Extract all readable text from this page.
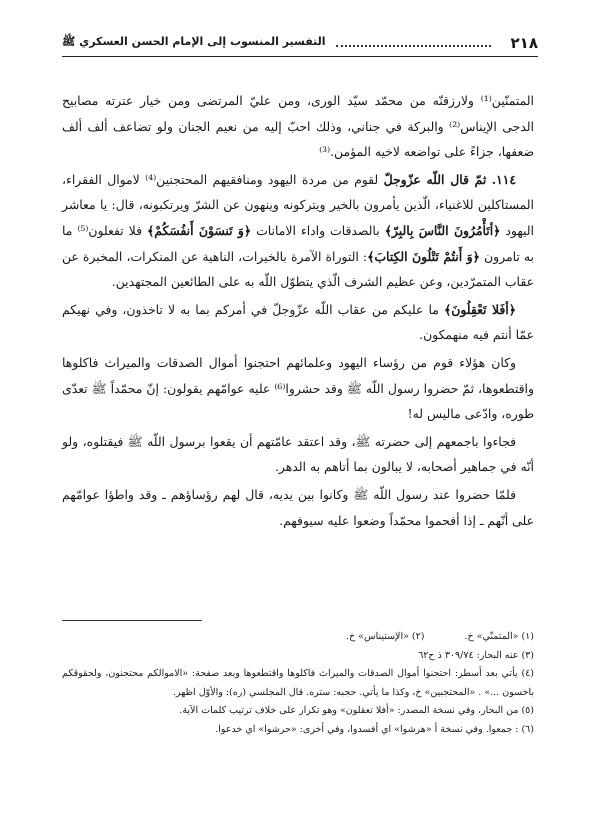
٢١٨
التفسير المنسوب إلى الإمام الحسن العسكري ﷺ

المتمنّين⁽¹⁾ ولارزقنّه من محمّد سيّد الورى، ومن عليّ المرتضى ومن خيار عترته مصابيح الدجى الإيناس⁽²⁾ والبركة في جناني، وذلك احبّ إليه من نعيم الجنان ولو تضاعف ألف ألف ضعفها، جزاءً على تواضعه لاخيه المؤمن.⁽³⁾

١١٤. ثمّ قال اللّه عزّوجلّ لقوم من مردة اليهود ومنافقيهم المحتجنين⁽⁴⁾ لاموال الفقراء، المستاكلين للاغنياء، الّذين يأمرون بالخير ويتركونه وينهون عن الشرّ ويرتكبونه، قال: يا معاشر اليهود ﴿أتَأْمُرُونَ النَّاسَ بِالبِرّ﴾ بالصدقات واداء الامانات ﴿وَ تَنسَوْنَ أَنفُسَكُمْ﴾ فلا تفعلون⁽⁵⁾ ما به تامرون ﴿وَ أَنتُمْ تَتْلُونَ الكِتابَ﴾: التوراة الآمرة بالخيرات، الناهية عن المنكرات، المخبرة عن عقاب المتمرّدين، وعن عظيم الشرف الّذي يتطوّل اللّه به على الطائعين المجتهدين.

﴿أفَلا تَعْقِلُونَ﴾ ما عليكم من عقاب اللّه عزّوجلّ في أمركم بما به لا تاخذون، وفي نهيكم عمّا أنتم فيه منهمكون.

وكان هؤلاء قوم من رؤساء اليهود وعلمائهم احتجنوا أموال الصدقات والميراث فاكلوها واقتطعوها، ثمّ حضروا رسول اللّه ﷺ وقد حشروا⁽⁶⁾ عليه عوامّهم يقولون: إنّ محمّداً ﷺ تعدّى طوره، وادّعى ماليس له!

فجاءوا باجمعهم إلى حضرته ﷺ، وقد اعتقد عامّتهم أن يقعوا برسول اللّه ﷺ فيقتلوه، ولو أنّه في جماهير أصحابه، لا يبالون بما أتاهم به الدهر.

فلمّا حضروا عند رسول اللّه ﷺ وكانوا بين يديه، قال لهم رؤساؤهم ـ وقد واطؤا عوامّهم على أنّهم ـ إذا أفحموا محمّداً وضعوا عليه سيوفهم.

(١) «المتمنّي» خ.
(٢) «الإستيناس» خ.
(٣) عنه البحار: ٣٠٩/٧٤ ذ ح٦٢
(٤) يأتي بعد أسطر: احتجنوا أموال الصدقات والميراث فاكلوها واقتطعوها وبعد صفحة: «الاموالكم محتجنون، ولحقوقكم باخسون ...» . «المحتجبين» خ، وكذا ما يأتي. حجبه: ستره. قال المجلسي (ره): والأوّل اظهر.
(٥) من البحار، وفي نسخة المصدر: «أفلا تعقلون» وهو تكرار على خلاف ترتيب كلمات الآية.
(٦) : جمعوا. وفي نسخة أ «هرشوا» اي أفسدوا، وفي أخرى: «حرشوا» اي خدعوا.
